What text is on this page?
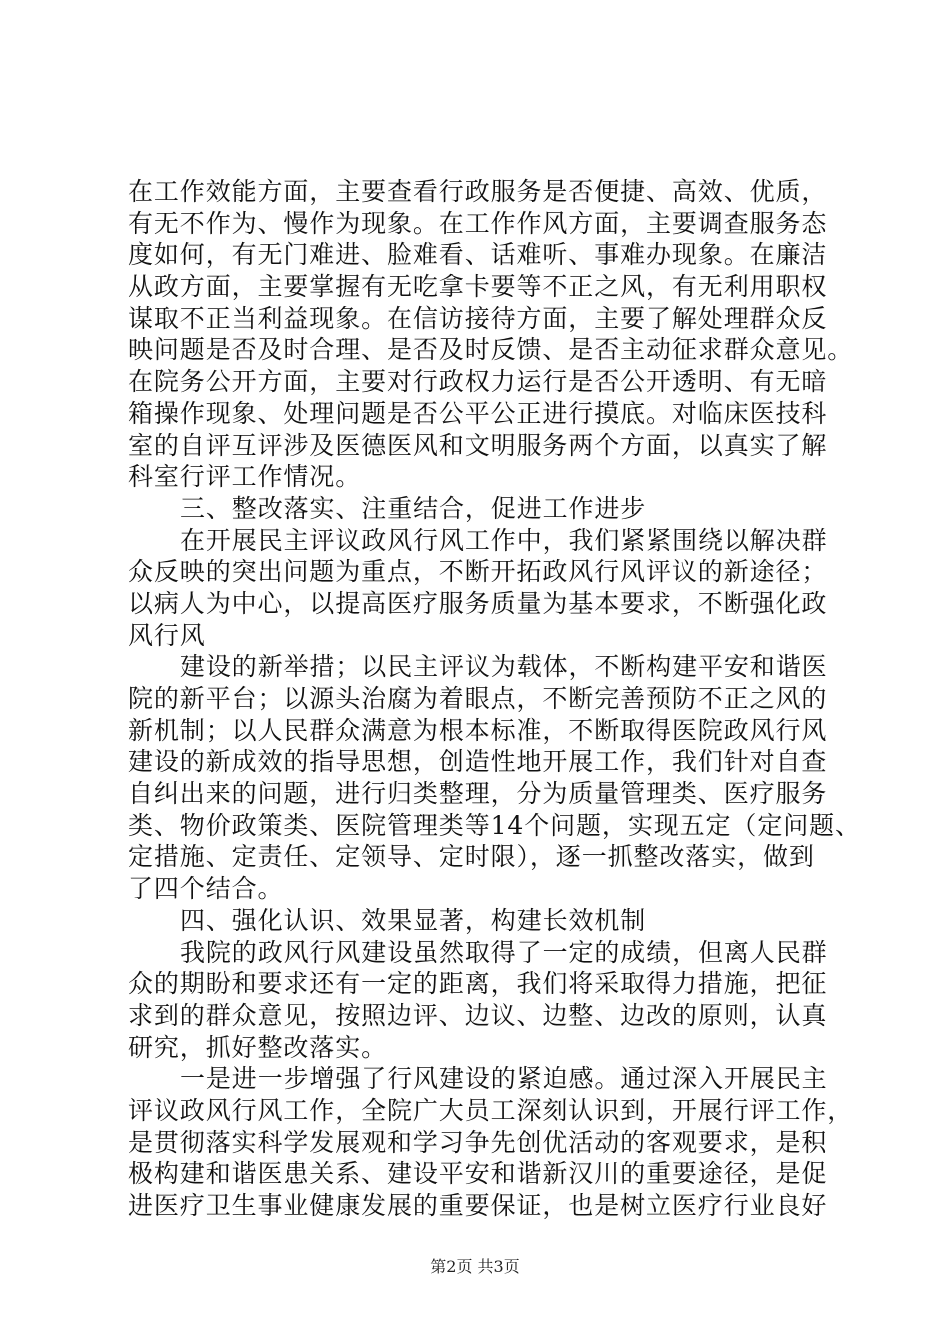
在工作效能方面，主要查看行政服务是否便捷、高效、优质，
有无不作为、慢作为现象。在工作作风方面，主要调查服务态
度如何，有无门难进、脸难看、话难听、事难办现象。在廉洁
从政方面，主要掌握有无吃拿卡要等不正之风，有无利用职权
谋取不正当利益现象。在信访接待方面，主要了解处理群众反
映问题是否及时合理、是否及时反馈、是否主动征求群众意见。
在院务公开方面，主要对行政权力运行是否公开透明、有无暗
箱操作现象、处理问题是否公平公正进行摸底。对临床医技科
室的自评互评涉及医德医风和文明服务两个方面，以真实了解
科室行评工作情况。
三、整改落实、注重结合，促进工作进步
在开展民主评议政风行风工作中，我们紧紧围绕以解决群
众反映的突出问题为重点，不断开拓政风行风评议的新途径；
以病人为中心，以提高医疗服务质量为基本要求，不断强化政
风行风
建设的新举措；以民主评议为载体，不断构建平安和谐医
院的新平台；以源头治腐为着眼点，不断完善预防不正之风的
新机制；以人民群众满意为根本标准，不断取得医院政风行风
建设的新成效的指导思想，创造性地开展工作，我们针对自查
自纠出来的问题，进行归类整理，分为质量管理类、医疗服务
类、物价政策类、医院管理类等14个问题，实现五定（定问题、
定措施、定责任、定领导、定时限），逐一抓整改落实，做到
了四个结合。
四、强化认识、效果显著，构建长效机制
我院的政风行风建设虽然取得了一定的成绩，但离人民群
众的期盼和要求还有一定的距离，我们将采取得力措施，把征
求到的群众意见，按照边评、边议、边整、边改的原则，认真
研究，抓好整改落实。
一是进一步增强了行风建设的紧迫感。通过深入开展民主
评议政风行风工作，全院广大员工深刻认识到，开展行评工作，
是贯彻落实科学发展观和学习争先创优活动的客观要求，是积
极构建和谐医患关系、建设平安和谐新汉川的重要途径，是促
进医疗卫生事业健康发展的重要保证，也是树立医疗行业良好
第2页 共3页
